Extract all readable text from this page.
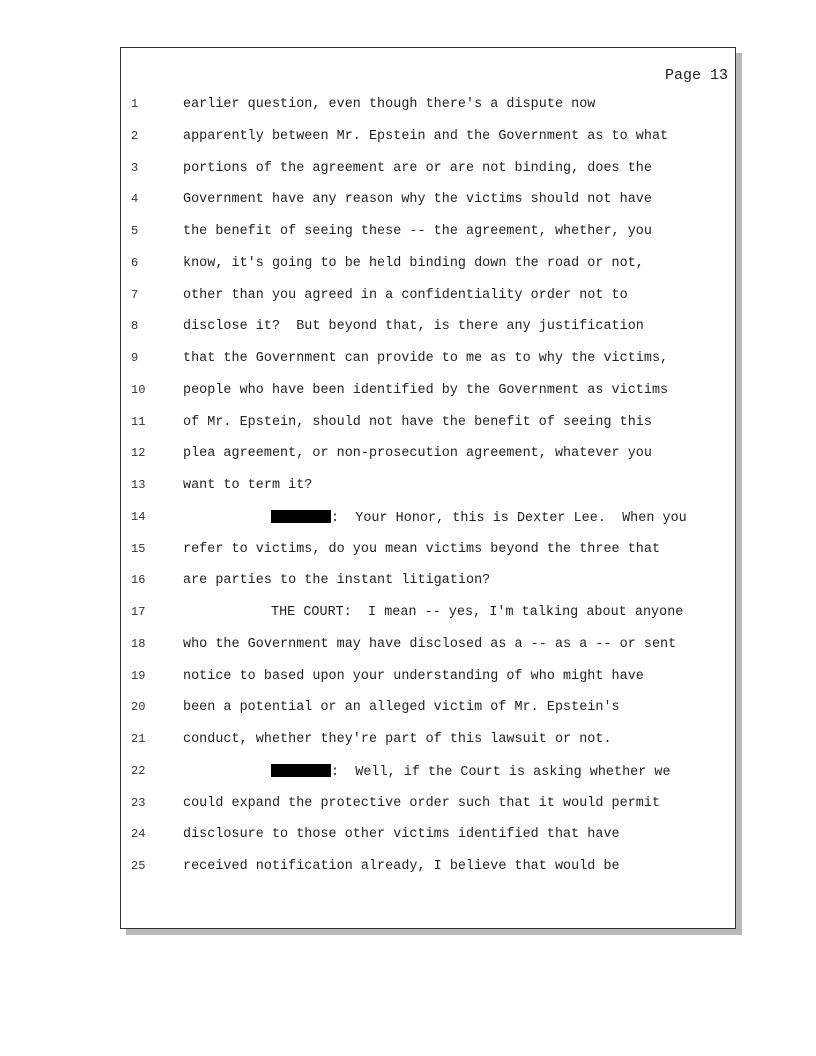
Page 13
1	earlier question, even though there's a dispute now
2	apparently between Mr. Epstein and the Government as to what
3	portions of the agreement are or are not binding, does the
4	Government have any reason why the victims should not have
5	the benefit of seeing these -- the agreement, whether, you
6	know, it's going to be held binding down the road or not,
7	other than you agreed in a confidentiality order not to
8	disclose it?  But beyond that, is there any justification
9	that the Government can provide to me as to why the victims,
10	people who have been identified by the Government as victims
11	of Mr. Epstein, should not have the benefit of seeing this
12	plea agreement, or non-prosecution agreement, whatever you
13	want to term it?
14	:  Your Honor, this is Dexter Lee.  When you
15	refer to victims, do you mean victims beyond the three that
16	are parties to the instant litigation?
17	THE COURT:  I mean -- yes, I'm talking about anyone
18	who the Government may have disclosed as a -- as a -- or sent
19	notice to based upon your understanding of who might have
20	been a potential or an alleged victim of Mr. Epstein's
21	conduct, whether they're part of this lawsuit or not.
22	:  Well, if the Court is asking whether we
23	could expand the protective order such that it would permit
24	disclosure to those other victims identified that have
25	received notification already, I believe that would be
